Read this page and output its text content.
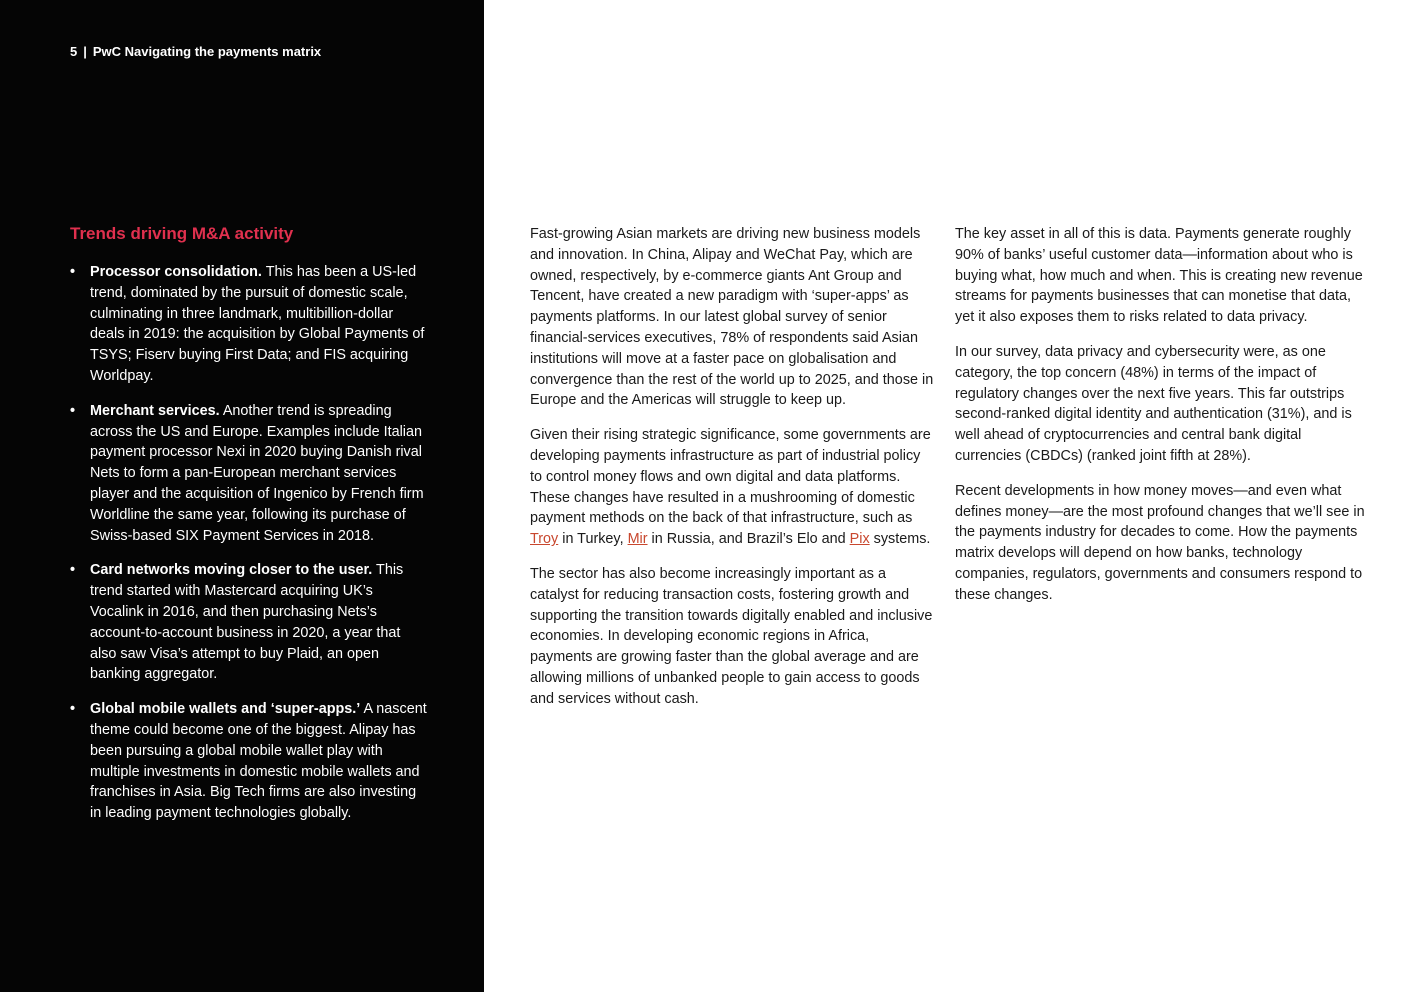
5 | PwC Navigating the payments matrix
Trends driving M&A activity
• Processor consolidation. This has been a US-led trend, dominated by the pursuit of domestic scale, culminating in three landmark, multibillion-dollar deals in 2019: the acquisition by Global Payments of TSYS; Fiserv buying First Data; and FIS acquiring Worldpay.
• Merchant services. Another trend is spreading across the US and Europe. Examples include Italian payment processor Nexi in 2020 buying Danish rival Nets to form a pan-European merchant services player and the acquisition of Ingenico by French firm Worldline the same year, following its purchase of Swiss-based SIX Payment Services in 2018.
• Card networks moving closer to the user. This trend started with Mastercard acquiring UK’s Vocalink in 2016, and then purchasing Nets’s account-to-account business in 2020, a year that also saw Visa’s attempt to buy Plaid, an open banking aggregator.
• Global mobile wallets and ‘super-apps.’ A nascent theme could become one of the biggest. Alipay has been pursuing a global mobile wallet play with multiple investments in domestic mobile wallets and franchises in Asia. Big Tech firms are also investing in leading payment technologies globally.

Fast-growing Asian markets are driving new business models and innovation. In China, Alipay and WeChat Pay, which are owned, respectively, by e-commerce giants Ant Group and Tencent, have created a new paradigm with ‘super-apps’ as payments platforms. In our latest global survey of senior financial-services executives, 78% of respondents said Asian institutions will move at a faster pace on globalisation and convergence than the rest of the world up to 2025, and those in Europe and the Americas will struggle to keep up.

Given their rising strategic significance, some governments are developing payments infrastructure as part of industrial policy to control money flows and own digital and data platforms. These changes have resulted in a mushrooming of domestic payment methods on the back of that infrastructure, such as Troy in Turkey, Mir in Russia, and Brazil’s Elo and Pix systems.

The sector has also become increasingly important as a catalyst for reducing transaction costs, fostering growth and supporting the transition towards digitally enabled and inclusive economies. In developing economic regions in Africa, payments are growing faster than the global average and are allowing millions of unbanked people to gain access to goods and services without cash.

The key asset in all of this is data. Payments generate roughly 90% of banks’ useful customer data—information about who is buying what, how much and when. This is creating new revenue streams for payments businesses that can monetise that data, yet it also exposes them to risks related to data privacy.

In our survey, data privacy and cybersecurity were, as one category, the top concern (48%) in terms of the impact of regulatory changes over the next five years. This far outstrips second-ranked digital identity and authentication (31%), and is well ahead of cryptocurrencies and central bank digital currencies (CBDCs) (ranked joint fifth at 28%).

Recent developments in how money moves—and even what defines money—are the most profound changes that we’ll see in the payments industry for decades to come. How the payments matrix develops will depend on how banks, technology companies, regulators, governments and consumers respond to these changes.
